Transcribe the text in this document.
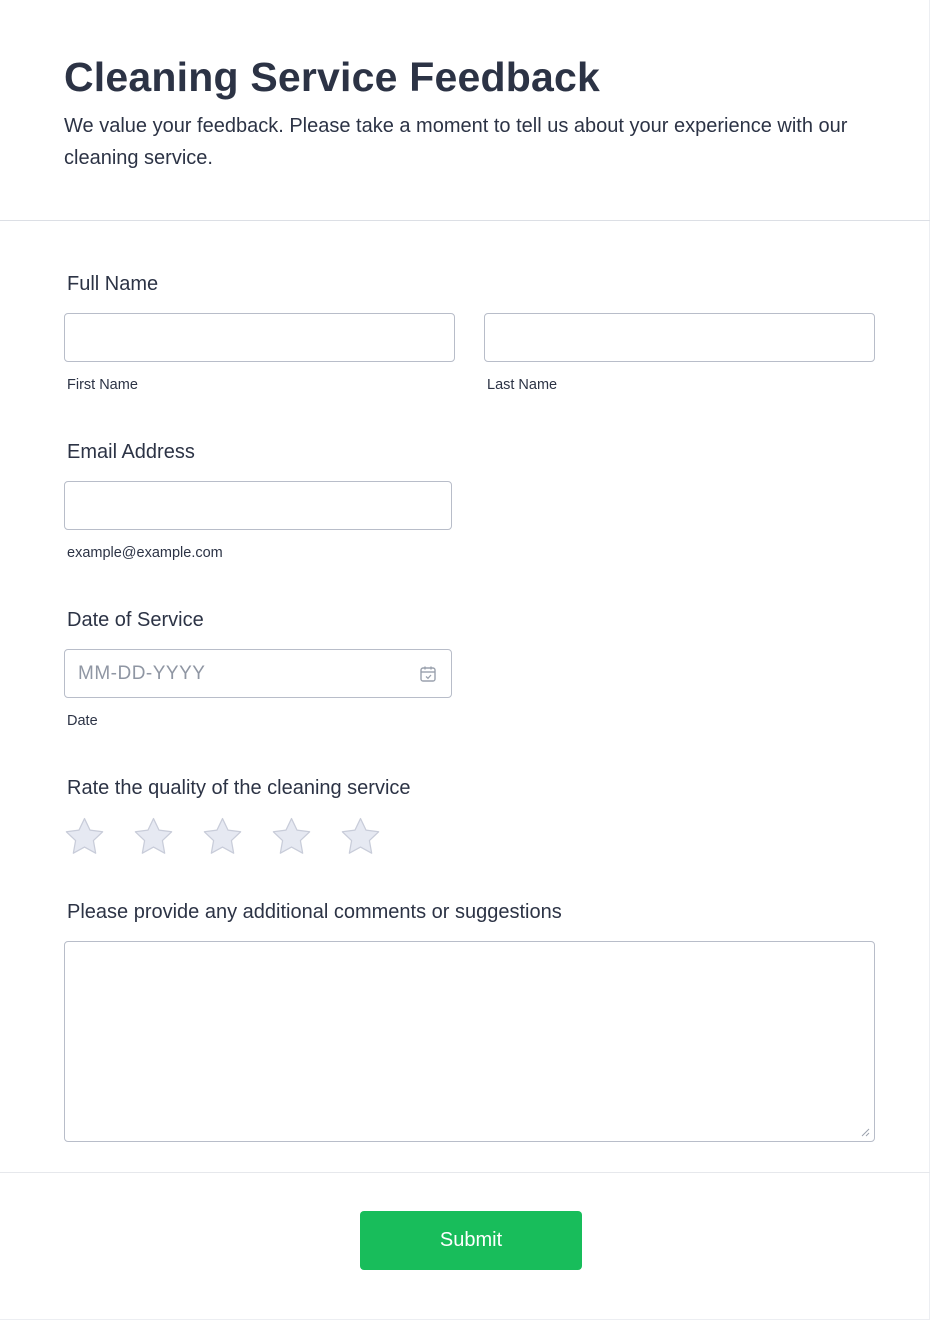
Cleaning Service Feedback
We value your feedback. Please take a moment to tell us about your experience with our cleaning service.
Full Name
First Name	Last Name
Email Address
example@example.com
Date of Service
MM-DD-YYYY
Date
Rate the quality of the cleaning service
Please provide any additional comments or suggestions
Submit
